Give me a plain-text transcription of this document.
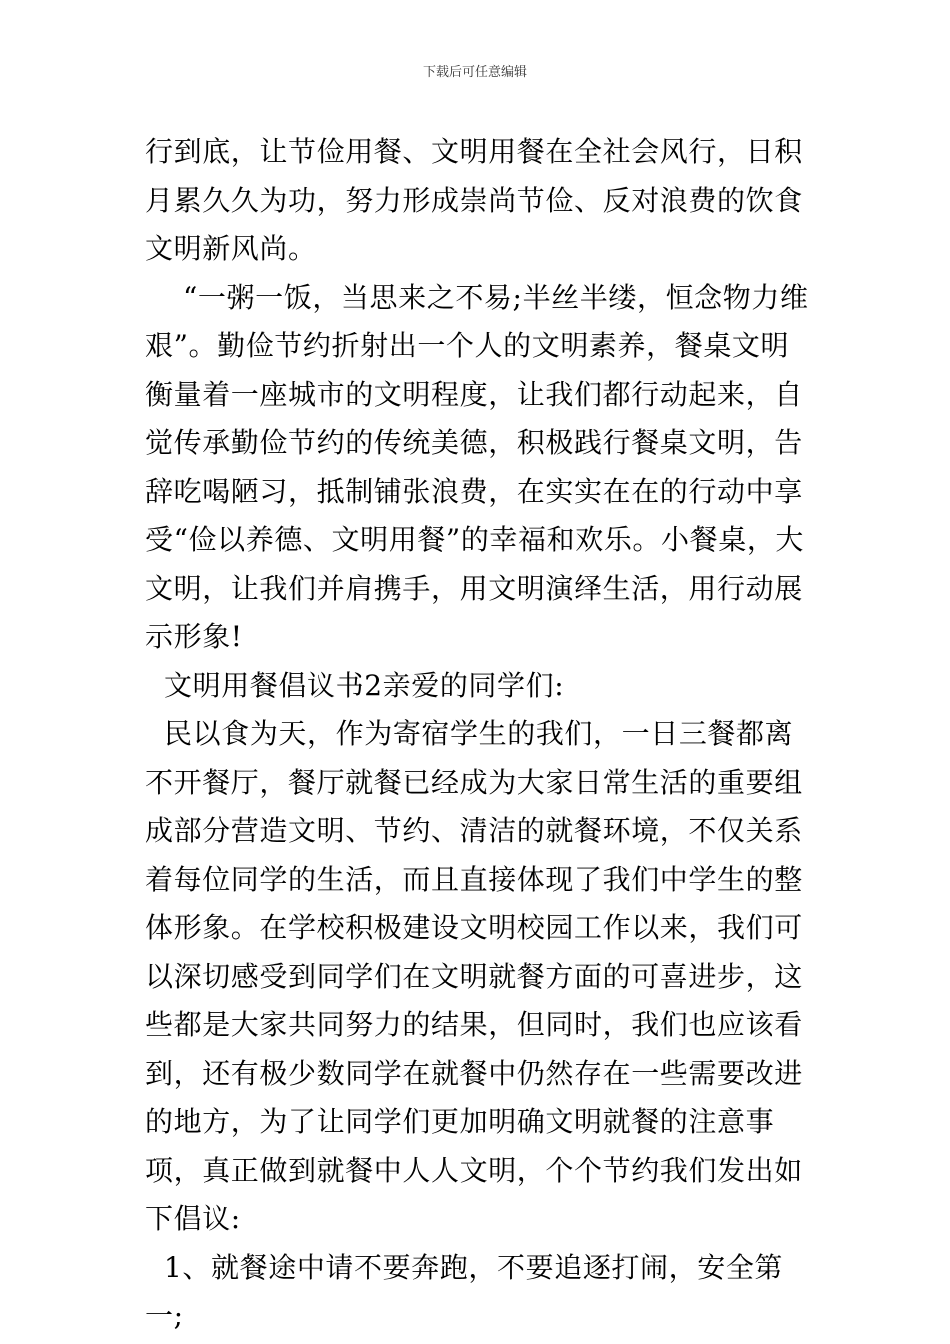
下载后可任意编辑

行到底，让节俭用餐、文明用餐在全社会风行，日积月累久久为功，努力形成崇尚节俭、反对浪费的饮食文明新风尚。

“一粥一饭，当思来之不易;半丝半缕，恒念物力维艰”。勤俭节约折射出一个人的文明素养，餐桌文明衡量着一座城市的文明程度，让我们都行动起来，自觉传承勤俭节约的传统美德，积极践行餐桌文明，告辞吃喝陋习，抵制铺张浪费，在实实在在的行动中享受“俭以养德、文明用餐”的幸福和欢乐。小餐桌，大文明，让我们并肩携手，用文明演绎生活，用行动展示形象!

文明用餐倡议书2亲爱的同学们:

民以食为天，作为寄宿学生的我们，一日三餐都离不开餐厅，餐厅就餐已经成为大家日常生活的重要组成部分营造文明、节约、清洁的就餐环境，不仅关系着每位同学的生活，而且直接体现了我们中学生的整体形象。在学校积极建设文明校园工作以来，我们可以深切感受到同学们在文明就餐方面的可喜进步，这些都是大家共同努力的结果，但同时，我们也应该看到，还有极少数同学在就餐中仍然存在一些需要改进的地方，为了让同学们更加明确文明就餐的注意事项，真正做到就餐中人人文明，个个节约我们发出如下倡议:

1、就餐途中请不要奔跑，不要追逐打闹，安全第一;
